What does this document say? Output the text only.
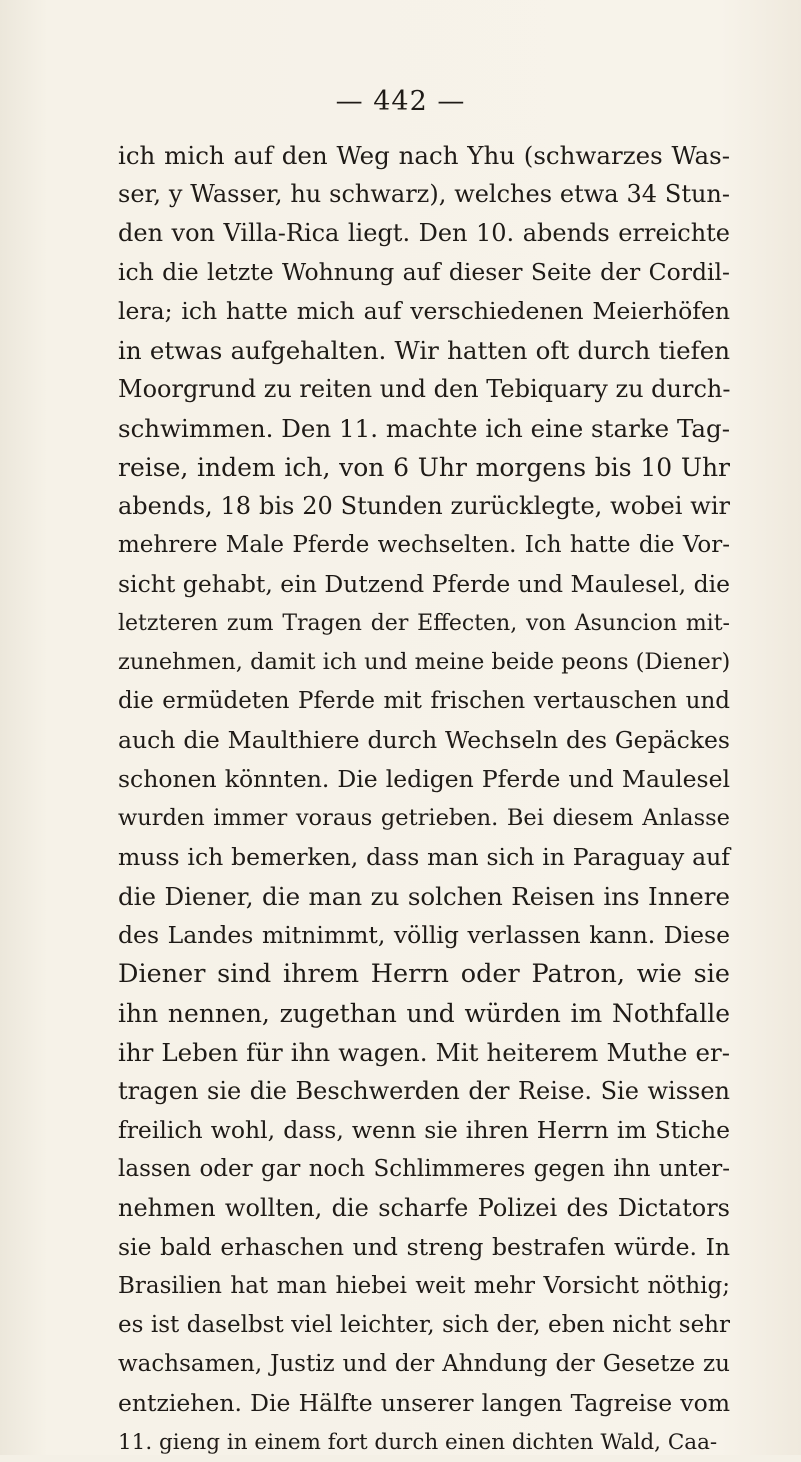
— 442 —
ich mich auf den Weg nach Yhu (schwarzes Was-
ser, y Wasser, hu schwarz), welches etwa 34 Stun-
den von Villa-Rica liegt. Den 10. abends erreichte
ich die letzte Wohnung auf dieser Seite der Cordil-
lera; ich hatte mich auf verschiedenen Meierhöfen
in etwas aufgehalten. Wir hatten oft durch tiefen
Moorgrund zu reiten und den Tebiquary zu durch-
schwimmen. Den 11. machte ich eine starke Tag-
reise, indem ich, von 6 Uhr morgens bis 10 Uhr
abends, 18 bis 20 Stunden zurücklegte, wobei wir
mehrere Male Pferde wechselten. Ich hatte die Vor-
sicht gehabt, ein Dutzend Pferde und Maulesel, die
letzteren zum Tragen der Effecten, von Asuncion mit-
zunehmen, damit ich und meine beide peons (Diener)
die ermüdeten Pferde mit frischen vertauschen und
auch die Maulthiere durch Wechseln des Gepäckes
schonen könnten. Die ledigen Pferde und Maulesel
wurden immer voraus getrieben. Bei diesem Anlasse
muss ich bemerken, dass man sich in Paraguay auf
die Diener, die man zu solchen Reisen ins Innere
des Landes mitnimmt, völlig verlassen kann. Diese
Diener sind ihrem Herrn oder Patron, wie sie
ihn nennen, zugethan und würden im Nothfalle
ihr Leben für ihn wagen. Mit heiterem Muthe er-
tragen sie die Beschwerden der Reise. Sie wissen
freilich wohl, dass, wenn sie ihren Herrn im Stiche
lassen oder gar noch Schlimmeres gegen ihn unter-
nehmen wollten, die scharfe Polizei des Dictators
sie bald erhaschen und streng bestrafen würde. In
Brasilien hat man hiebei weit mehr Vorsicht nöthig;
es ist daselbst viel leichter, sich der, eben nicht sehr
wachsamen, Justiz und der Ahndung der Gesetze zu
entziehen. Die Hälfte unserer langen Tagreise vom
11. gieng in einem fort durch einen dichten Wald, Caa-
